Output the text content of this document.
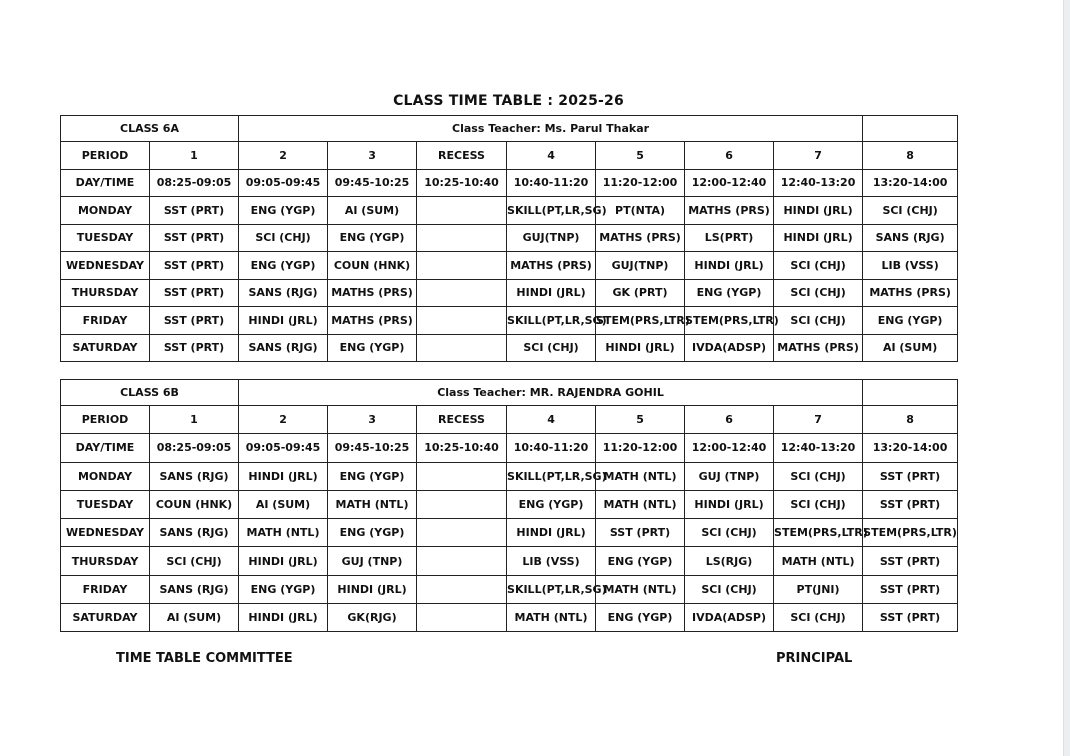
CLASS TIME TABLE : 2025-26
CLASS 6A		Class Teacher: Ms. Parul Thakar							
PERIOD	1	2	3	RECESS	4	5	6	7	8
DAY/TIME	08:25-09:05	09:05-09:45	09:45-10:25	10:25-10:40	10:40-11:20	11:20-12:00	12:00-12:40	12:40-13:20	13:20-14:00
MONDAY	SST (PRT)	ENG (YGP)	AI (SUM)		SKILL(PT,LR,SG)	PT(NTA)	MATHS (PRS)	HINDI (JRL)	SCI (CHJ)
TUESDAY	SST (PRT)	SCI (CHJ)	ENG (YGP)		GUJ(TNP)	MATHS (PRS)	LS(PRT)	HINDI (JRL)	SANS (RJG)
WEDNESDAY	SST (PRT)	ENG (YGP)	COUN (HNK)		MATHS (PRS)	GUJ(TNP)	HINDI (JRL)	SCI (CHJ)	LIB (VSS)
THURSDAY	SST (PRT)	SANS (RJG)	MATHS (PRS)		HINDI (JRL)	GK (PRT)	ENG (YGP)	SCI (CHJ)	MATHS (PRS)
FRIDAY	SST (PRT)	HINDI (JRL)	MATHS (PRS)		SKILL(PT,LR,SG)	STEM(PRS,LTR)	STEM(PRS,LTR)	SCI (CHJ)	ENG (YGP)
SATURDAY	SST (PRT)	SANS (RJG)	ENG (YGP)		SCI (CHJ)	HINDI (JRL)	IVDA(ADSP)	MATHS (PRS)	AI (SUM)
CLASS 6B		Class Teacher: MR. RAJENDRA GOHIL							
PERIOD	1	2	3	RECESS	4	5	6	7	8
DAY/TIME	08:25-09:05	09:05-09:45	09:45-10:25	10:25-10:40	10:40-11:20	11:20-12:00	12:00-12:40	12:40-13:20	13:20-14:00
MONDAY	SANS (RJG)	HINDI (JRL)	ENG (YGP)		SKILL(PT,LR,SG)	MATH (NTL)	GUJ (TNP)	SCI (CHJ)	SST (PRT)
TUESDAY	COUN (HNK)	AI (SUM)	MATH (NTL)		ENG (YGP)	MATH (NTL)	HINDI (JRL)	SCI (CHJ)	SST (PRT)
WEDNESDAY	SANS (RJG)	MATH (NTL)	ENG (YGP)		HINDI (JRL)	SST (PRT)	SCI (CHJ)	STEM(PRS,LTR)	STEM(PRS,LTR)
THURSDAY	SCI (CHJ)	HINDI (JRL)	GUJ (TNP)		LIB (VSS)	ENG (YGP)	LS(RJG)	MATH (NTL)	SST (PRT)
FRIDAY	SANS (RJG)	ENG (YGP)	HINDI (JRL)		SKILL(PT,LR,SG)	MATH (NTL)	SCI (CHJ)	PT(JNI)	SST (PRT)
SATURDAY	AI (SUM)	HINDI (JRL)	GK(RJG)		MATH (NTL)	ENG (YGP)	IVDA(ADSP)	SCI (CHJ)	SST (PRT)
TIME TABLE COMMITTEE	PRINCIPAL
